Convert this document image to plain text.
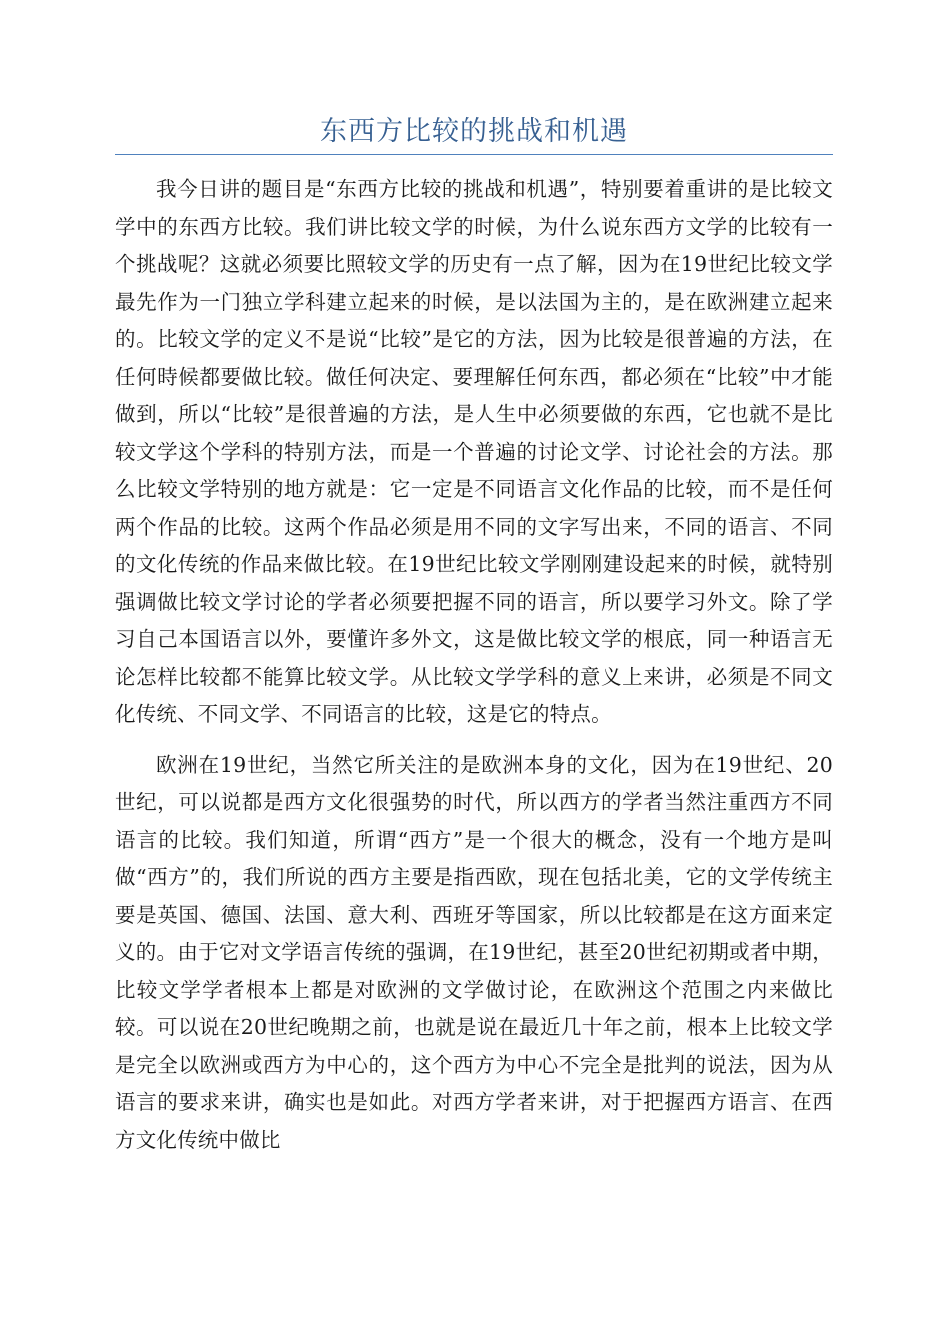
东西方比较的挑战和机遇

我今日讲的题目是“东西方比较的挑战和机遇”，特别要着重讲的是比较文学中的东西方比较。我们讲比较文学的时候，为什么说东西方文学的比较有一个挑战呢？这就必须要比照较文学的历史有一点了解，因为在19世纪比较文学最先作为一门独立学科建立起来的时候，是以法国为主的，是在欧洲建立起来的。比较文学的定义不是说“比较”是它的方法，因为比较是很普遍的方法，在任何時候都要做比较。做任何决定、要理解任何东西，都必须在“比较”中才能做到，所以“比较”是很普遍的方法，是人生中必须要做的东西，它也就不是比较文学这个学科的特别方法，而是一个普遍的讨论文学、讨论社会的方法。那么比较文学特别的地方就是：它一定是不同语言文化作品的比较，而不是任何两个作品的比较。这两个作品必须是用不同的文字写出来，不同的语言、不同的文化传统的作品来做比较。在19世纪比较文学刚刚建设起来的时候，就特别强调做比较文学讨论的学者必须要把握不同的语言，所以要学习外文。除了学习自己本国语言以外，要懂许多外文，这是做比较文学的根底，同一种语言无论怎样比较都不能算比较文学。从比较文学学科的意义上来讲，必须是不同文化传统、不同文学、不同语言的比较，这是它的特点。

欧洲在19世纪，当然它所关注的是欧洲本身的文化，因为在19世纪、20世纪，可以说都是西方文化很强势的时代，所以西方的学者当然注重西方不同语言的比较。我们知道，所谓“西方”是一个很大的概念，没有一个地方是叫做“西方”的，我们所说的西方主要是指西欧，现在包括北美，它的文学传统主要是英国、德国、法国、意大利、西班牙等国家，所以比较都是在这方面来定义的。由于它对文学语言传统的强调，在19世纪，甚至20世纪初期或者中期，比较文学学者根本上都是对欧洲的文学做讨论，在欧洲这个范围之内来做比较。可以说在20世纪晚期之前，也就是说在最近几十年之前，根本上比较文学是完全以欧洲或西方为中心的，这个西方为中心不完全是批判的说法，因为从语言的要求来讲，确实也是如此。对西方学者来讲，对于把握西方语言、在西方文化传统中做比
